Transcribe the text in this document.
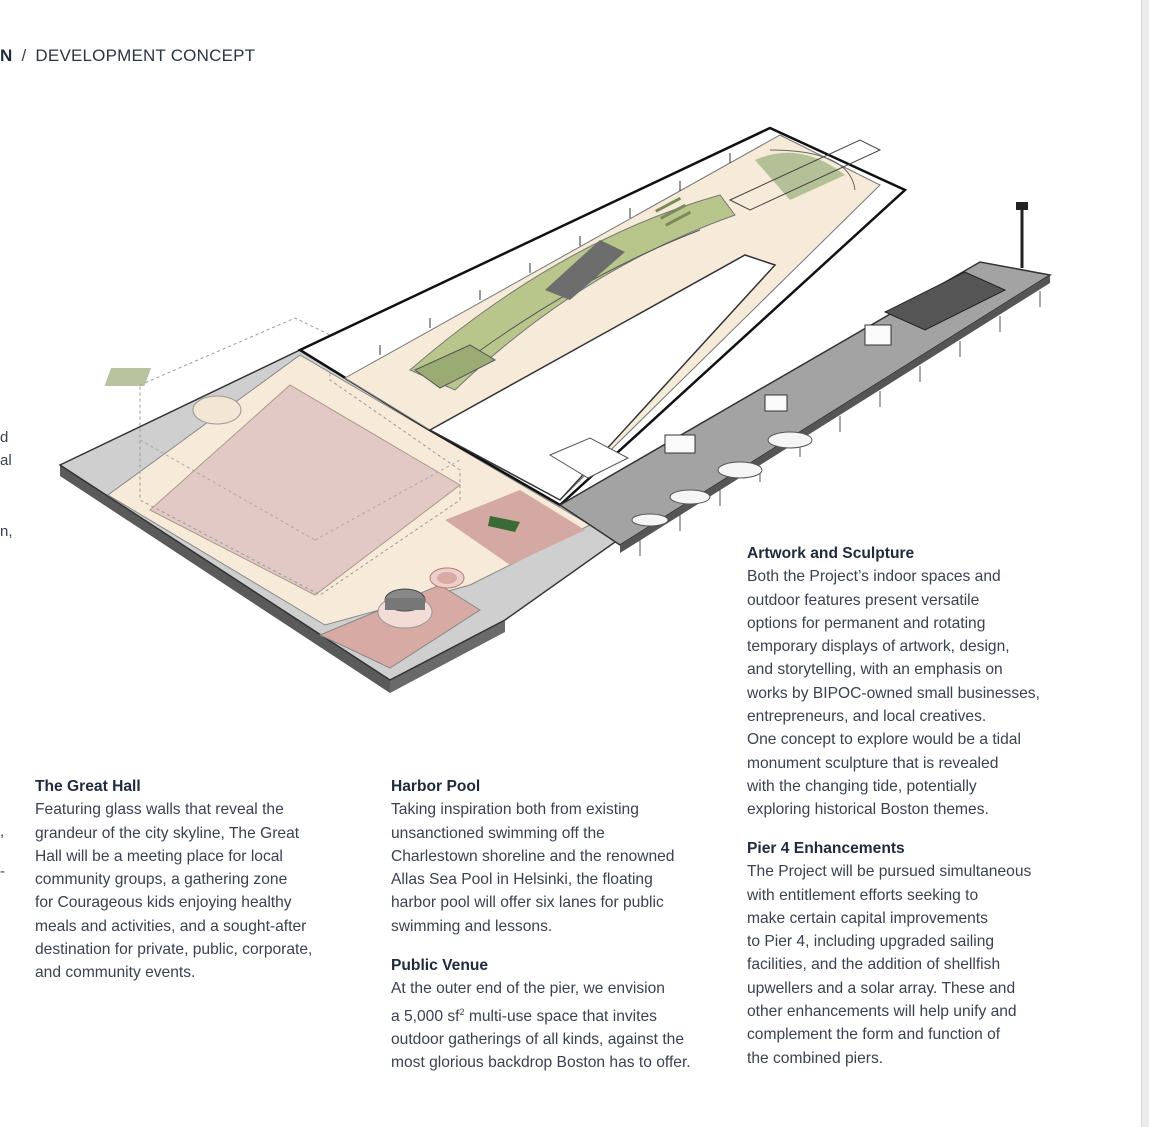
N / DEVELOPMENT CONCEPT
d
al
n,
,
-
The Great Hall

Featuring glass walls that reveal the
grandeur of the city skyline, The Great
Hall will be a meeting place for local
community groups, a gathering zone
for Courageous kids enjoying healthy
meals and activities, and a sought-after
destination for private, public, corporate,
and community events.

Harbor Pool

Taking inspiration both from existing
unsanctioned swimming off the
Charlestown shoreline and the renowned
Allas Sea Pool in Helsinki, the floating
harbor pool will offer six lanes for public
swimming and lessons.

Public Venue

At the outer end of the pier, we envision

a 5,000 $sf^2$ multi-use space that invites

outdoor gatherings of all kinds, against the
most glorious backdrop Boston has to offer.

Artwork and Sculpture

Both the Project’s indoor spaces and
outdoor features present versatile
options for permanent and rotating
temporary displays of artwork, design,
and storytelling, with an emphasis on
works by BIPOC-owned small businesses,
entrepreneurs, and local creatives.
One concept to explore would be a tidal
monument sculpture that is revealed
with the changing tide, potentially
exploring historical Boston themes.

Pier 4 Enhancements

The Project will be pursued simultaneous
with entitlement efforts seeking to
make certain capital improvements
to Pier 4, including upgraded sailing
facilities, and the addition of shellfish
upwellers and a solar array. These and
other enhancements will help unify and
complement the form and function of
the combined piers.
